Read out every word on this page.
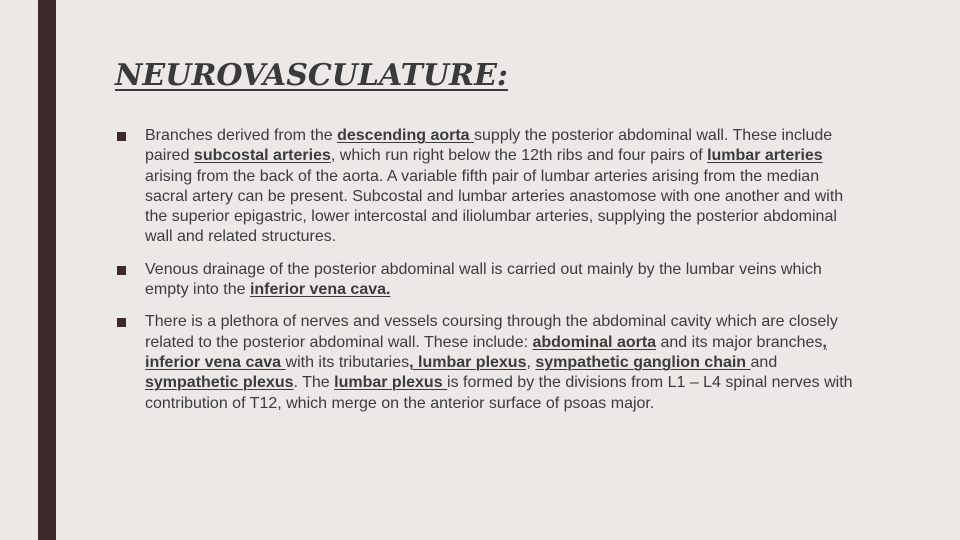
NEUROVASCULATURE:
Branches derived from the descending aorta supply the posterior abdominal wall. These include paired subcostal arteries, which run right below the 12th ribs and four pairs of lumbar arteries arising from the back of the aorta. A variable fifth pair of lumbar arteries arising from the median sacral artery can be present. Subcostal and lumbar arteries anastomose with one another and with the superior epigastric, lower intercostal and iliolumbar arteries, supplying the posterior abdominal wall and related structures.
Venous drainage of the posterior abdominal wall is carried out mainly by the lumbar veins which empty into the inferior vena cava.
There is a plethora of nerves and vessels coursing through the abdominal cavity which are closely related to the posterior abdominal wall. These include: abdominal aorta and its major branches, inferior vena cava with its tributaries, lumbar plexus, sympathetic ganglion chain and sympathetic plexus. The lumbar plexus is formed by the divisions from L1 – L4 spinal nerves with contribution of T12, which merge on the anterior surface of psoas major.
